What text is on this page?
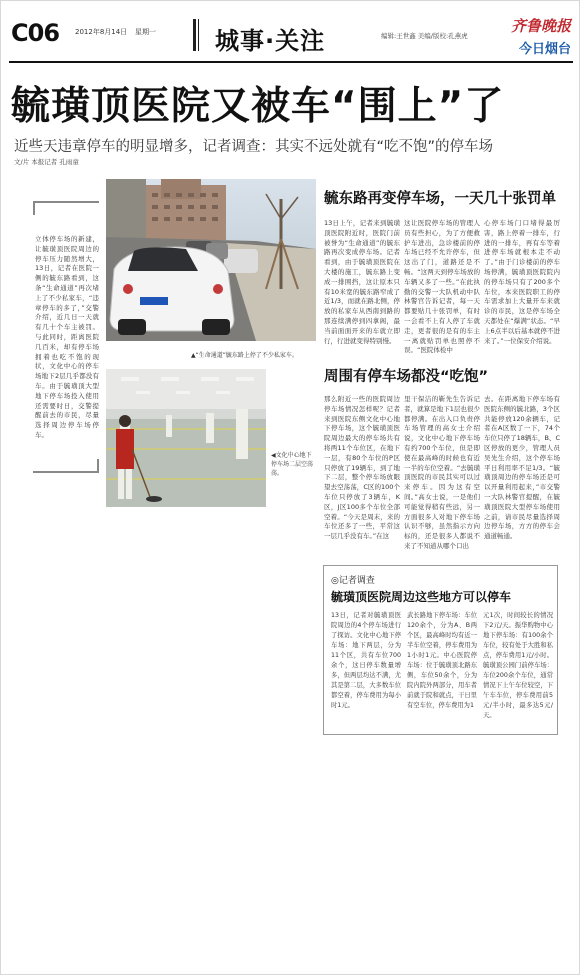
C06 2012年8月14日 星期一 城事·关注	编辑:王世鑫 美编/版校:孔燕虎
齐鲁晚报
今日烟台
毓璜顶医院又被车“围上”了
近些天违章停车的明显增多，记者调查：其实不远处就有“吃不饱”的停车场
文/片 本报记者 孔雨童
立体停车场的新建，让毓璜顶医院周边的停车压力随然增大，13日，记者在医院一侧的毓东路看到，这条“生命通道”再次堵上了不少私家车，“违章停车的多了，”交警介绍，近几日一天就有几十个车主被罚。与此同时，距离医院几百米，却有停车场拥着也吃不饱的现状，文化中心的停车场地下2层几乎都没有车。由于毓璜顶大型地下停车场投入使用还需要时日，交警提醒前去的市民，尽量选择周边停车场停车。
▲“生命通道”毓东路上停了不少私家车。
◀文化中心地下停车场二层空荡荡。
毓东路再变停车场，一天几十张罚单
13日上午，记者来到毓璜顶医院附近时，医院门前被誉为“生命通道”的毓东路再次变成停车场。记者看到，由于毓璜顶医院在大楼的施工，毓东路上变成一排围挡，这让原本只有10米宽的毓东路窄成了近1/3，而就在路北侧，停放的私家车从西南到路的那连续满停到四拿阁，最当前面面开来的车就立即行，行进就变得特别慢。
这让医院停车场的管理人员有些担心，为了方便救护车进出，急诊楼前的停车场已经不允许停车，但这出了门，道路还是不畅。“这两天到停车场放的车辆又多了一些。”在此执勤的交警一大队机动中队林警官告诉记者，每一天都要贴几十张罚单，有时一会看不上有人停了车就走，更者很的是有的车主一离就贴罚单也照停不误。“医院体检中
心停车场门口堵得最厉害，路上停着一排车，行进的一排车，再有车等着进停车场就根本走不动了。”由于门诊楼前的停车场停满，毓璜顶医院院内的停车场只有了200多个车位，本来医院职工的停车需求加上大量开车来就诊的市民，这是停车场全天都处在“爆满”状态。“早上6点半以后基本就停不进来了。”一位保安介绍说。
周围有停车场都没“吃饱”
那么附近一些的医院周边停车场情况怎样呢？记者来到医院东侧文化中心地下停车场，这个毓璜顶医院周边最大的停车场共有将两11个车位区，在地下一层，有80个车位的P区只停放了19辆车，到了地下二层，整个停车场放眼望去空荡荡，C区的100个车位只停放了3辆车，K区，J区100多个车位全部空着。“今天是周末，来的车位还多了一些，平常这一层几乎没有车。”在这
里干保洁的靳先生告诉记者，就算是地下1层也很少都停满。在出入口负责停车场管理的高女士介绍说，文化中心地下停车场有约700个车位，但是即使在最高峰的时候也有近一半的车位空着。“去毓璜顶医院的市民其实可以过来停车。因为这有空间。”高女士说，一是他们可能觉得稍有些远，另一方面很多人对地下停车场认识不够，虽然指示方向标的，还是很多人都说不来了不知道从哪个口出
去。在距离地下停车场有医院东侧的毓北路，3个区共能停放120余辆车，记者在A区数了一下，74个车位只停了18辆车，B、C区停放的更少，管理人员吴先生介绍，这个停车场平日利用率不足1/3。“毓璜顶周边的停车场还是可以开量利用起来，”市交警一大队林警官提醒，在毓璜顶医院大型停车场使用之前，请市民尽量选择周边停车场，方方的停车会通道畅通。
◎记者调查
毓璜顶医院周边这些地方可以停车
13日，记者对毓璜顶医院周边的4个停车场进行了探访。文化中心地下停车场：地下两层，分为11个区，共有车位700余个，这日停车数量增多，但两层均达不满，尤其是第二层，大多数车位都空着，停车费用为每小时1元。
武长路地下停车场：车位120余个，分为A、B两个区，最高峰时均有近一半车位空着，停车费用为1小时1元。中心医院停车场：位于毓璜顶北路东侧，车位50余个，分为院内院外两部分，用车者前就于院和就点，干日里有空车位，停车费用为1
元1次，时间较长的情况下2元/天。振华购物中心地下停车场：有100余个车位，较有处于大胜和私点，停车费用1元/小时。毓璜顶公园门前停车场：车位200余个车位，通常情况下上午车位较空，下午车车位，停车费用前5元/半小时，最多达5元/天。
